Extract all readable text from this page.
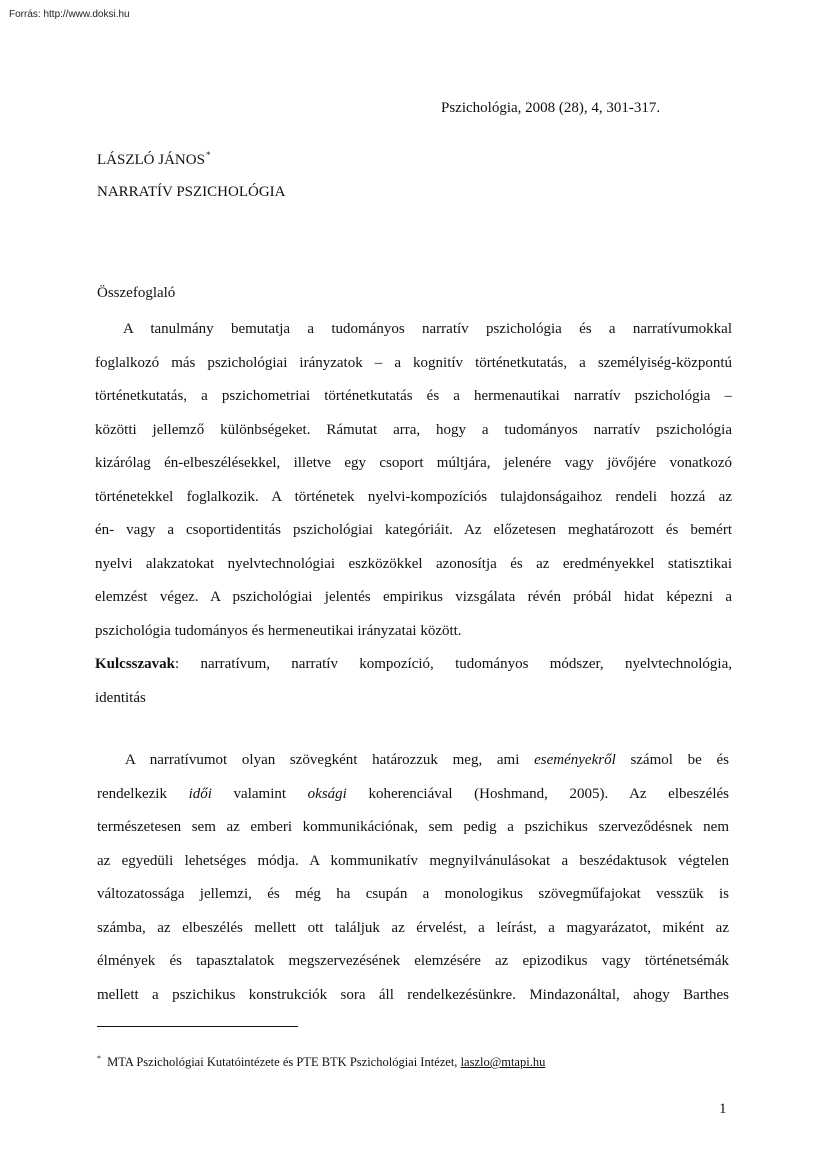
Forrás: http://www.doksi.hu
Pszichológia, 2008 (28), 4, 301-317.
LÁSZLÓ JÁNOS*
NARRATÍV PSZICHOLÓGIA
Összefoglaló
A tanulmány bemutatja a tudományos narratív pszichológia és a narratívumokkal
foglalkozó más pszichológiai irányzatok – a kognitív történetkutatás, a személyiség-központú
történetkutatás, a pszichometriai történetkutatás és a hermenautikai narratív pszichológia –
közötti jellemző különbségeket. Rámutat arra, hogy a tudományos narratív pszichológia
kizárólag én-elbeszélésekkel, illetve egy csoport múltjára, jelenére vagy jövőjére vonatkozó
történetekkel foglalkozik. A történetek nyelvi-kompozíciós tulajdonságaihoz rendeli hozzá az
én- vagy a csoportidentitás pszichológiai kategóriáit. Az előzetesen meghatározott és bemért
nyelvi alakzatokat nyelvtechnológiai eszközökkel azonosítja és az eredményekkel statisztikai
elemzést végez. A pszichológiai jelentés empirikus vizsgálata révén próbál hidat képezni a
pszichológia tudományos és hermeneutikai irányzatai között.
Kulcsszavak: narratívum, narratív kompozíció, tudományos módszer, nyelvtechnológia,
identitás
A narratívumot olyan szövegként határozzuk meg, ami eseményekről számol be és
rendelkezik idői valamint oksági koherenciával (Hoshmand, 2005). Az elbeszélés
természetesen sem az emberi kommunikációnak, sem pedig a pszichikus szerveződésnek nem
az egyedüli lehetséges módja. A kommunikatív megnyilvánulásokat a beszédaktusok végtelen
változatossága jellemzi, és még ha csupán a monologikus szövegműfajokat vesszük is
számba, az elbeszélés mellett ott találjuk az érvelést, a leírást, a magyarázatot, miként az
élmények és tapasztalatok megszervezésének elemzésére az epizodikus vagy történetsémák
mellett a pszichikus konstrukciók sora áll rendelkezésünkre. Mindazonáltal, ahogy Barthes
* MTA Pszichológiai Kutatóintézete és PTE BTK Pszichológiai Intézet, laszlo@mtapi.hu
1
